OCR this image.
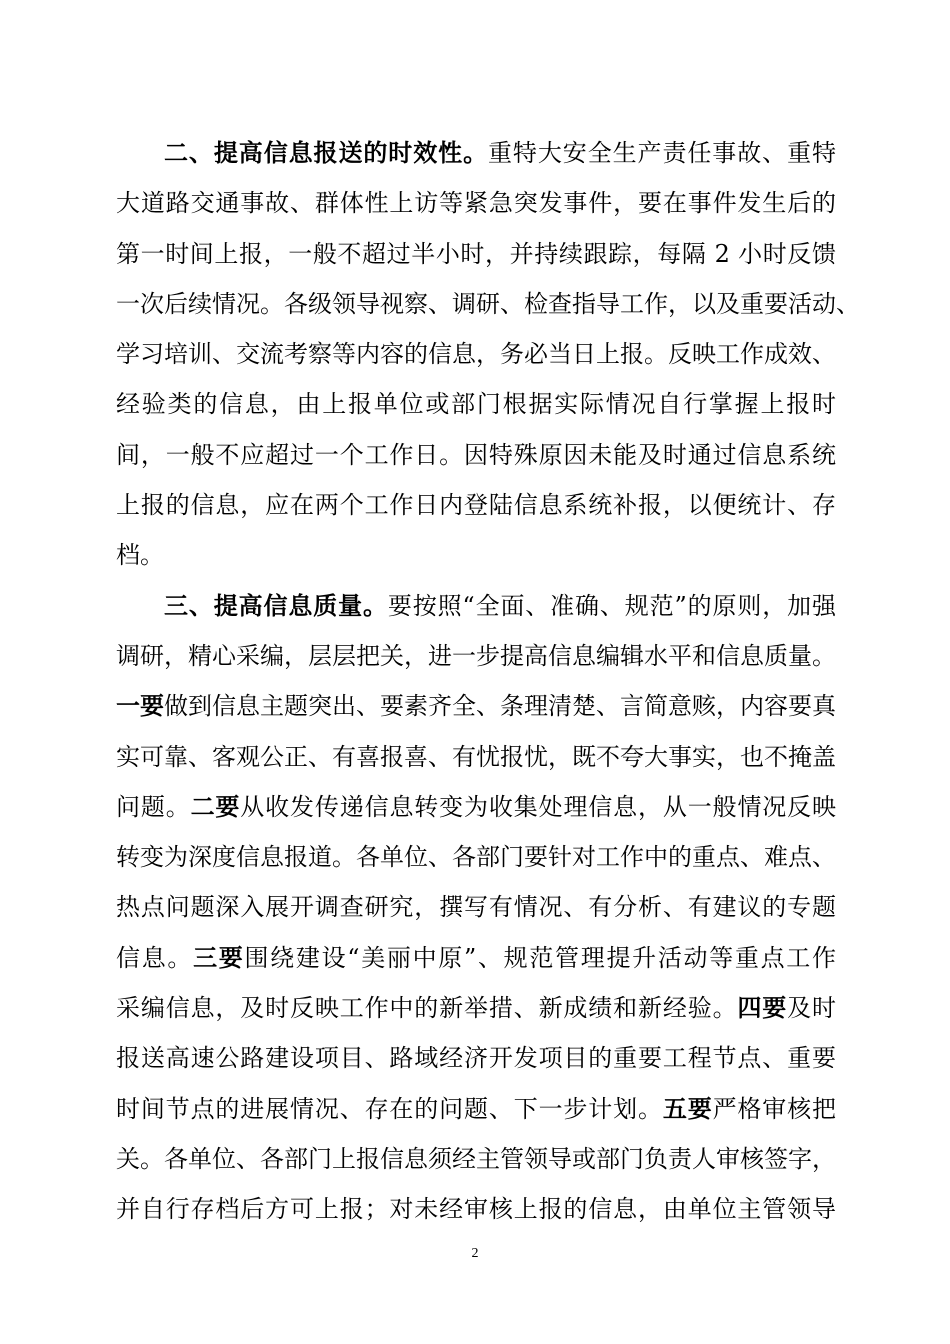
二、提高信息报送的时效性。重特大安全生产责任事故、重特
大道路交通事故、群体性上访等紧急突发事件，要在事件发生后的
第一时间上报，一般不超过半小时，并持续跟踪，每隔 2 小时反馈
一次后续情况。各级领导视察、调研、检查指导工作，以及重要活动、
学习培训、交流考察等内容的信息，务必当日上报。反映工作成效、
经验类的信息，由上报单位或部门根据实际情况自行掌握上报时
间，一般不应超过一个工作日。因特殊原因未能及时通过信息系统
上报的信息，应在两个工作日内登陆信息系统补报，以便统计、存
档。
三、提高信息质量。要按照“全面、准确、规范”的原则，加强
调研，精心采编，层层把关，进一步提高信息编辑水平和信息质量。
一要做到信息主题突出、要素齐全、条理清楚、言简意赅，内容要真
实可靠、客观公正、有喜报喜、有忧报忧，既不夸大事实，也不掩盖
问题。二要从收发传递信息转变为收集处理信息，从一般情况反映
转变为深度信息报道。各单位、各部门要针对工作中的重点、难点、
热点问题深入展开调查研究，撰写有情况、有分析、有建议的专题
信息。三要围绕建设“美丽中原”、规范管理提升活动等重点工作
采编信息，及时反映工作中的新举措、新成绩和新经验。四要及时
报送高速公路建设项目、路域经济开发项目的重要工程节点、重要
时间节点的进展情况、存在的问题、下一步计划。五要严格审核把
关。各单位、各部门上报信息须经主管领导或部门负责人审核签字，
并自行存档后方可上报；对未经审核上报的信息，由单位主管领导
2
